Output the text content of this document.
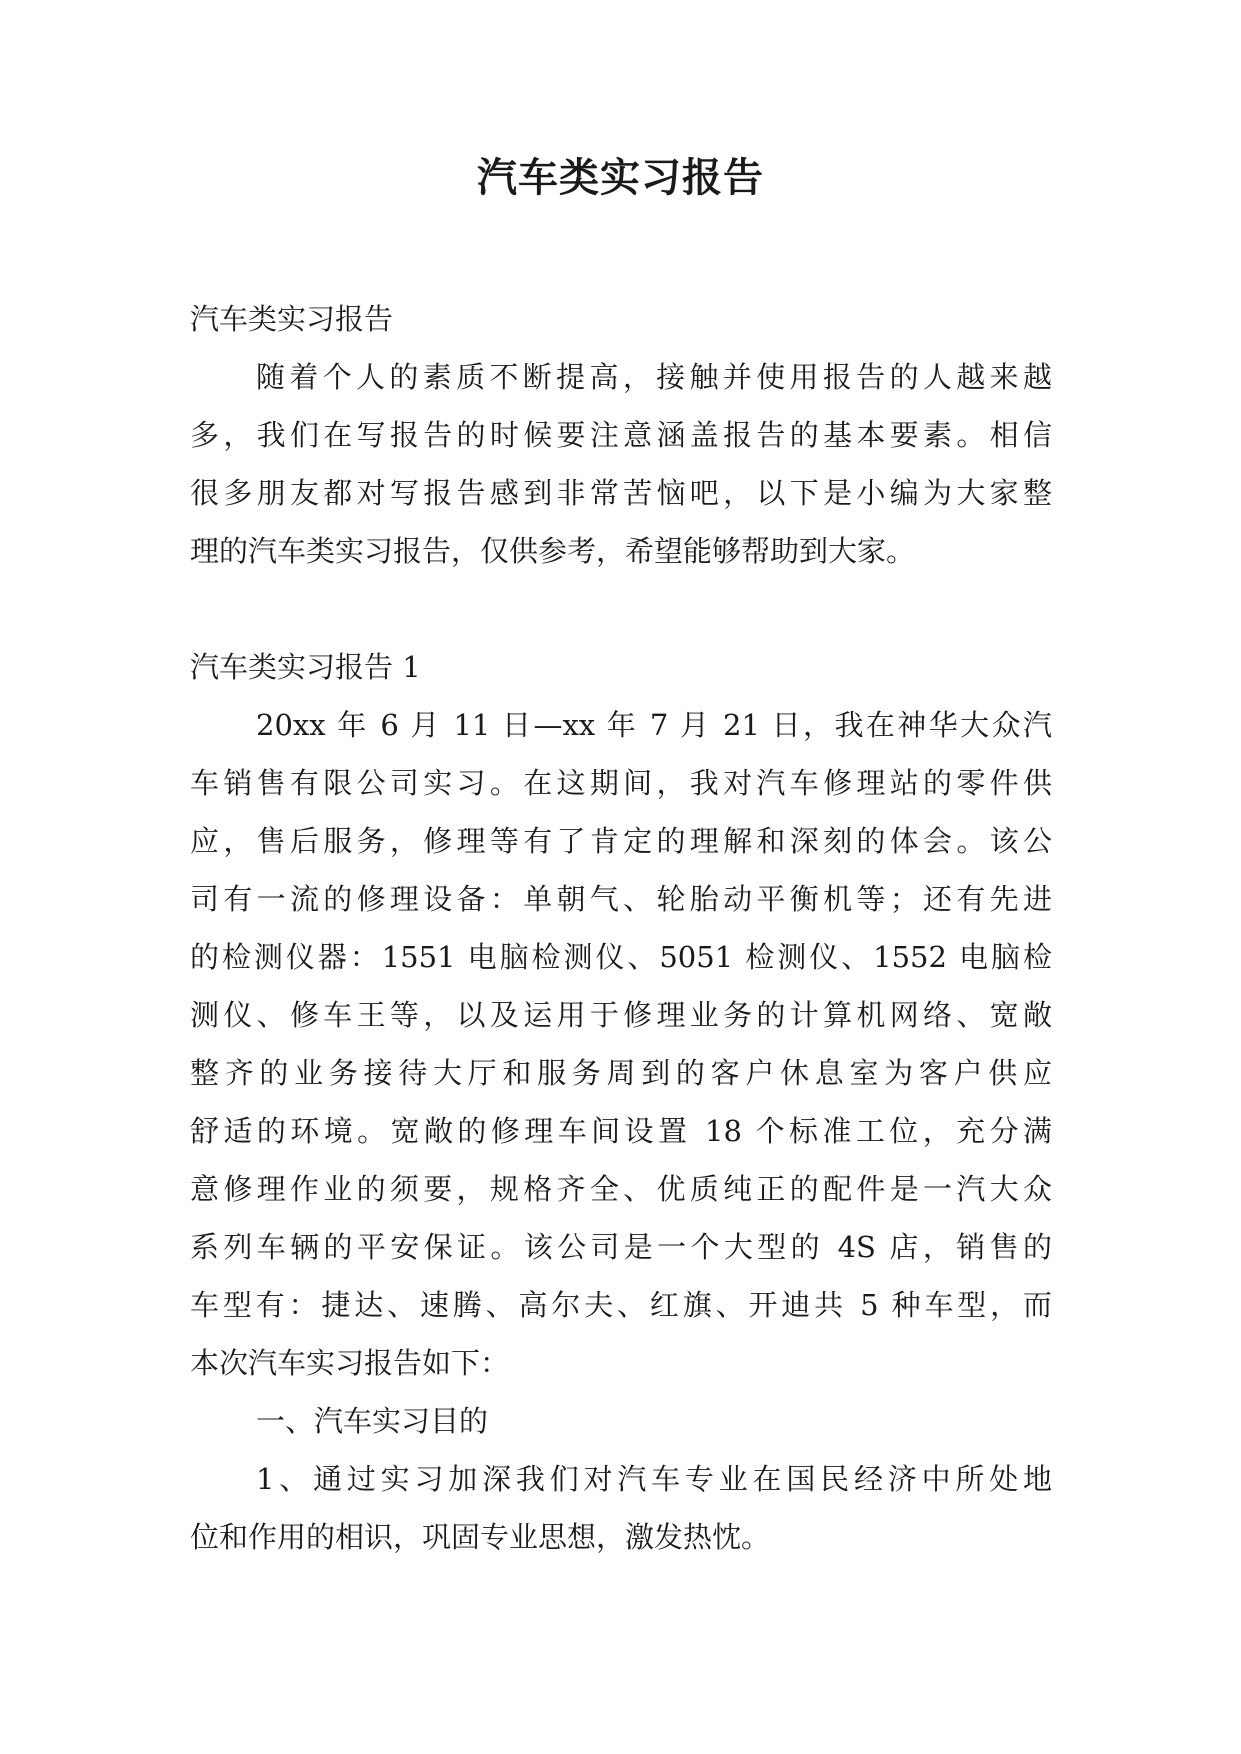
汽车类实习报告
汽车类实习报告
随着个人的素质不断提高，接触并使用报告的人越来越
多，我们在写报告的时候要注意涵盖报告的基本要素。相信
很多朋友都对写报告感到非常苦恼吧，以下是小编为大家整
理的汽车类实习报告，仅供参考，希望能够帮助到大家。
汽车类实习报告 1
20xx 年 6 月 11 日—xx 年 7 月 21 日，我在神华大众汽
车销售有限公司实习。在这期间，我对汽车修理站的零件供
应，售后服务，修理等有了肯定的理解和深刻的体会。该公
司有一流的修理设备：单朝气、轮胎动平衡机等；还有先进
的检测仪器：1551 电脑检测仪、5051 检测仪、1552 电脑检
测仪、修车王等，以及运用于修理业务的计算机网络、宽敞
整齐的业务接待大厅和服务周到的客户休息室为客户供应
舒适的环境。宽敞的修理车间设置 18 个标准工位，充分满
意修理作业的须要，规格齐全、优质纯正的配件是一汽大众
系列车辆的平安保证。该公司是一个大型的 4S 店，销售的
车型有：捷达、速腾、高尔夫、红旗、开迪共 5 种车型，而
本次汽车实习报告如下：
一、汽车实习目的
1、通过实习加深我们对汽车专业在国民经济中所处地
位和作用的相识，巩固专业思想，激发热忱。
